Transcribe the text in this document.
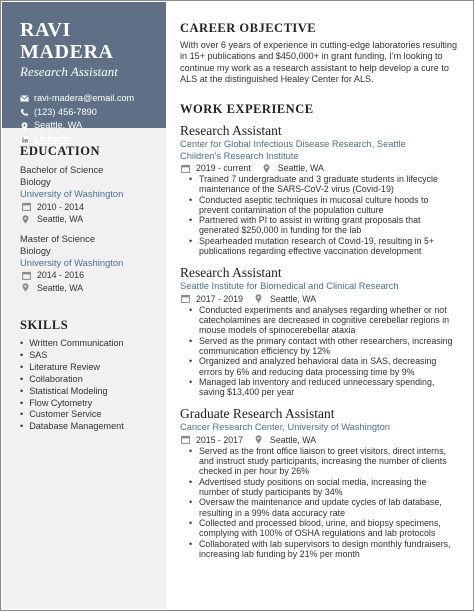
RAVI MADERA
Research Assistant
ravi-madera@email.com
(123) 456-7890
Seattle, WA
LinkedIn
EDUCATION
Bachelor of Science
Biology
University of Washington
2010 - 2014
Seattle, WA
Master of Science
Biology
University of Washington
2014 - 2016
Seattle, WA
SKILLS
• Written Communication
• SAS
• Literature Review
• Collaboration
• Statistical Modeling
• Flow Cytometry
• Customer Service
• Database Management
CAREER OBJECTIVE
With over 6 years of experience in cutting-edge laboratories resulting
in 15+ publications and $450,000+ in grant funding, I'm looking to
continue my work as a research assistant to help develop a cure to
ALS at the distinguished Healey Center for ALS.
WORK EXPERIENCE
Research Assistant
Center for Global Infectious Disease Research, Seattle
Children's Research Institute
2019 - current	Seattle, WA
• Trained 7 undergraduate and 3 graduate students in lifecycle
maintenance of the SARS-CoV-2 virus (Covid-19)
• Conducted aseptic techniques in mucosal culture hoods to
prevent contamination of the population culture
• Partnered with PI to assist in writing grant proposals that
generated $250,000 in funding for the lab
• Spearheaded mutation research of Covid-19, resulting in 5+
publications regarding effective vaccination development
Research Assistant
Seattle Institute for Biomedical and Clinical Research
2017 - 2019	Seattle, WA
• Conducted experiments and analyses regarding whether or not
catecholamines are decreased in cognitive cerebellar regions in
mouse models of spinocerebellar ataxia
• Served as the primary contact with other researchers, increasing
communication efficiency by 12%
• Organized and analyzed behavioral data in SAS, decreasing
errors by 6% and reducing data processing time by 9%
• Managed lab inventory and reduced unnecessary spending,
saving $13,400 per year
Graduate Research Assistant
Cancer Research Center, University of Washington
2015 - 2017	Seattle, WA
• Served as the front office liaison to greet visitors, direct interns,
and instruct study participants, increasing the number of clients
checked in per hour by 26%
• Advertised study positions on social media, increasing the
number of study participants by 34%
• Oversaw the maintenance and update cycles of lab database,
resulting in a 99% data accuracy rate
• Collected and processed blood, urine, and biopsy specimens,
complying with 100% of OSHA regulations and lab protocols
• Collaborated with lab supervisors to design monthly fundraisers,
increasing lab funding by 21% per month
